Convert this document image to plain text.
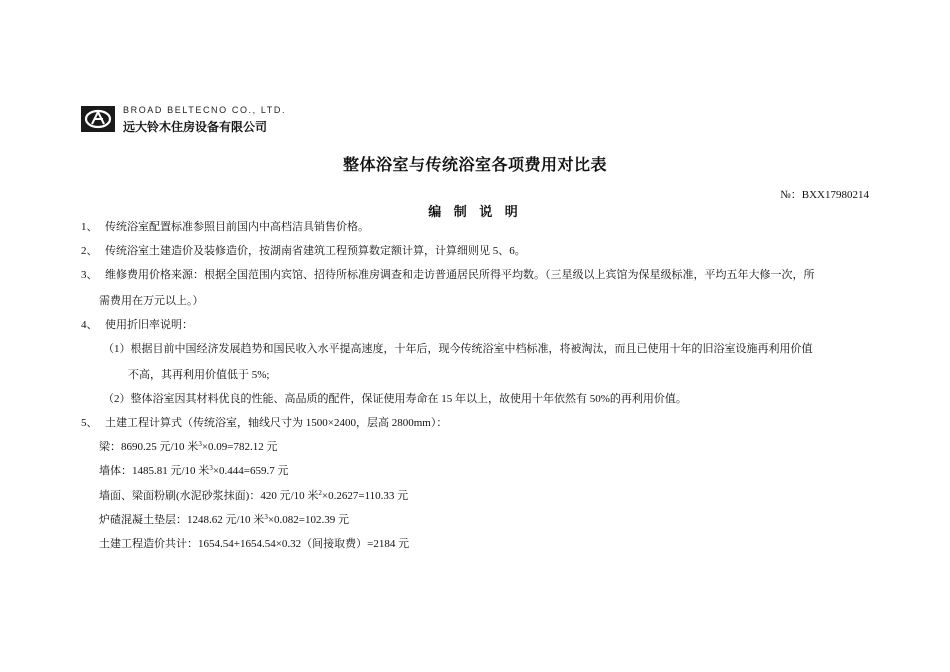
BROAD BELTECNO CO., LTD.
远大铃木住房设备有限公司
整体浴室与传统浴室各项费用对比表
№：BXX17980214
编 制 说 明
1、 传统浴室配置标准参照目前国内中高档洁具销售价格。
2、 传统浴室土建造价及装修造价，按湖南省建筑工程预算数定额计算，计算细则见 5、6。
3、 维修费用价格来源：根据全国范围内宾馆、招待所标准房调查和走访普通居民所得平均数。（三星级以上宾馆为保星级标准，平均五年大修一次，所
需费用在万元以上。）
4、 使用折旧率说明：
（1）根据目前中国经济发展趋势和国民收入水平提高速度，十年后，现今传统浴室中档标准，将被淘汰，而且已使用十年的旧浴室设施再利用价值
不高，其再利用价值低于 5%;
（2）整体浴室因其材料优良的性能、高品质的配件，保证使用寿命在 15 年以上，故使用十年依然有 50%的再利用价值。
5、 土建工程计算式（传统浴室，轴线尺寸为 1500×2400，层高 2800mm）：
梁：8690.25 元/10 米$^3$×0.09=782.12 元
墙体：1485.81 元/10 米$^3$×0.444=659.7 元
墙面、梁面粉刷(水泥砂浆抹面)：420 元/10 米$^2$×0.2627=110.33 元
炉碴混凝土垫层：1248.62 元/10 米$^3$×0.082=102.39 元
土建工程造价共计：1654.54+1654.54×0.32（间接取费）=2184 元
